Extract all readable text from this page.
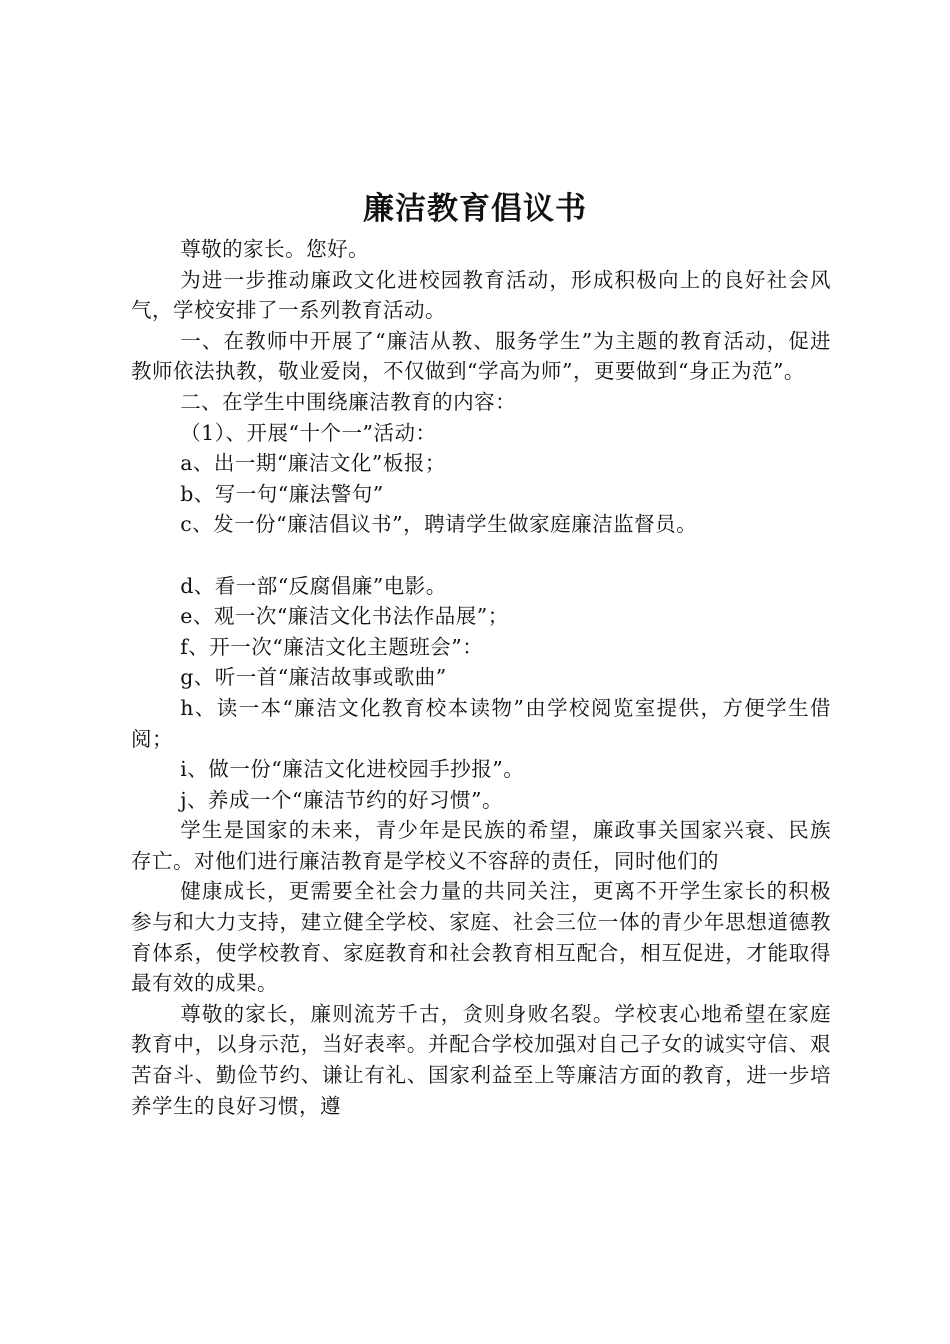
廉洁教育倡议书

尊敬的家长。您好。

为进一步推动廉政文化进校园教育活动，形成积极向上的良好社会风气，学校安排了一系列教育活动。

一、在教师中开展了“廉洁从教、服务学生”为主题的教育活动，促进教师依法执教，敬业爱岗，不仅做到“学高为师”，更要做到“身正为范”。

二、在学生中围绕廉洁教育的内容：

（1）、开展“十个一”活动：

a、出一期“廉洁文化”板报；

b、写一句“廉法警句”

c、发一份“廉洁倡议书”，聘请学生做家庭廉洁监督员。

d、看一部“反腐倡廉”电影。

e、观一次“廉洁文化书法作品展”；

f、开一次“廉洁文化主题班会”：

g、听一首“廉洁故事或歌曲”

h、读一本“廉洁文化教育校本读物”由学校阅览室提供，方便学生借阅；

i、做一份“廉洁文化进校园手抄报”。

j、养成一个“廉洁节约的好习惯”。

学生是国家的未来，青少年是民族的希望，廉政事关国家兴衰、民族存亡。对他们进行廉洁教育是学校义不容辞的责任，同时他们的

健康成长，更需要全社会力量的共同关注，更离不开学生家长的积极参与和大力支持，建立健全学校、家庭、社会三位一体的青少年思想道德教育体系，使学校教育、家庭教育和社会教育相互配合，相互促进，才能取得最有效的成果。

尊敬的家长，廉则流芳千古，贪则身败名裂。学校衷心地希望在家庭教育中，以身示范，当好表率。并配合学校加强对自己子女的诚实守信、艰苦奋斗、勤俭节约、谦让有礼、国家利益至上等廉洁方面的教育，进一步培养学生的良好习惯，遵
